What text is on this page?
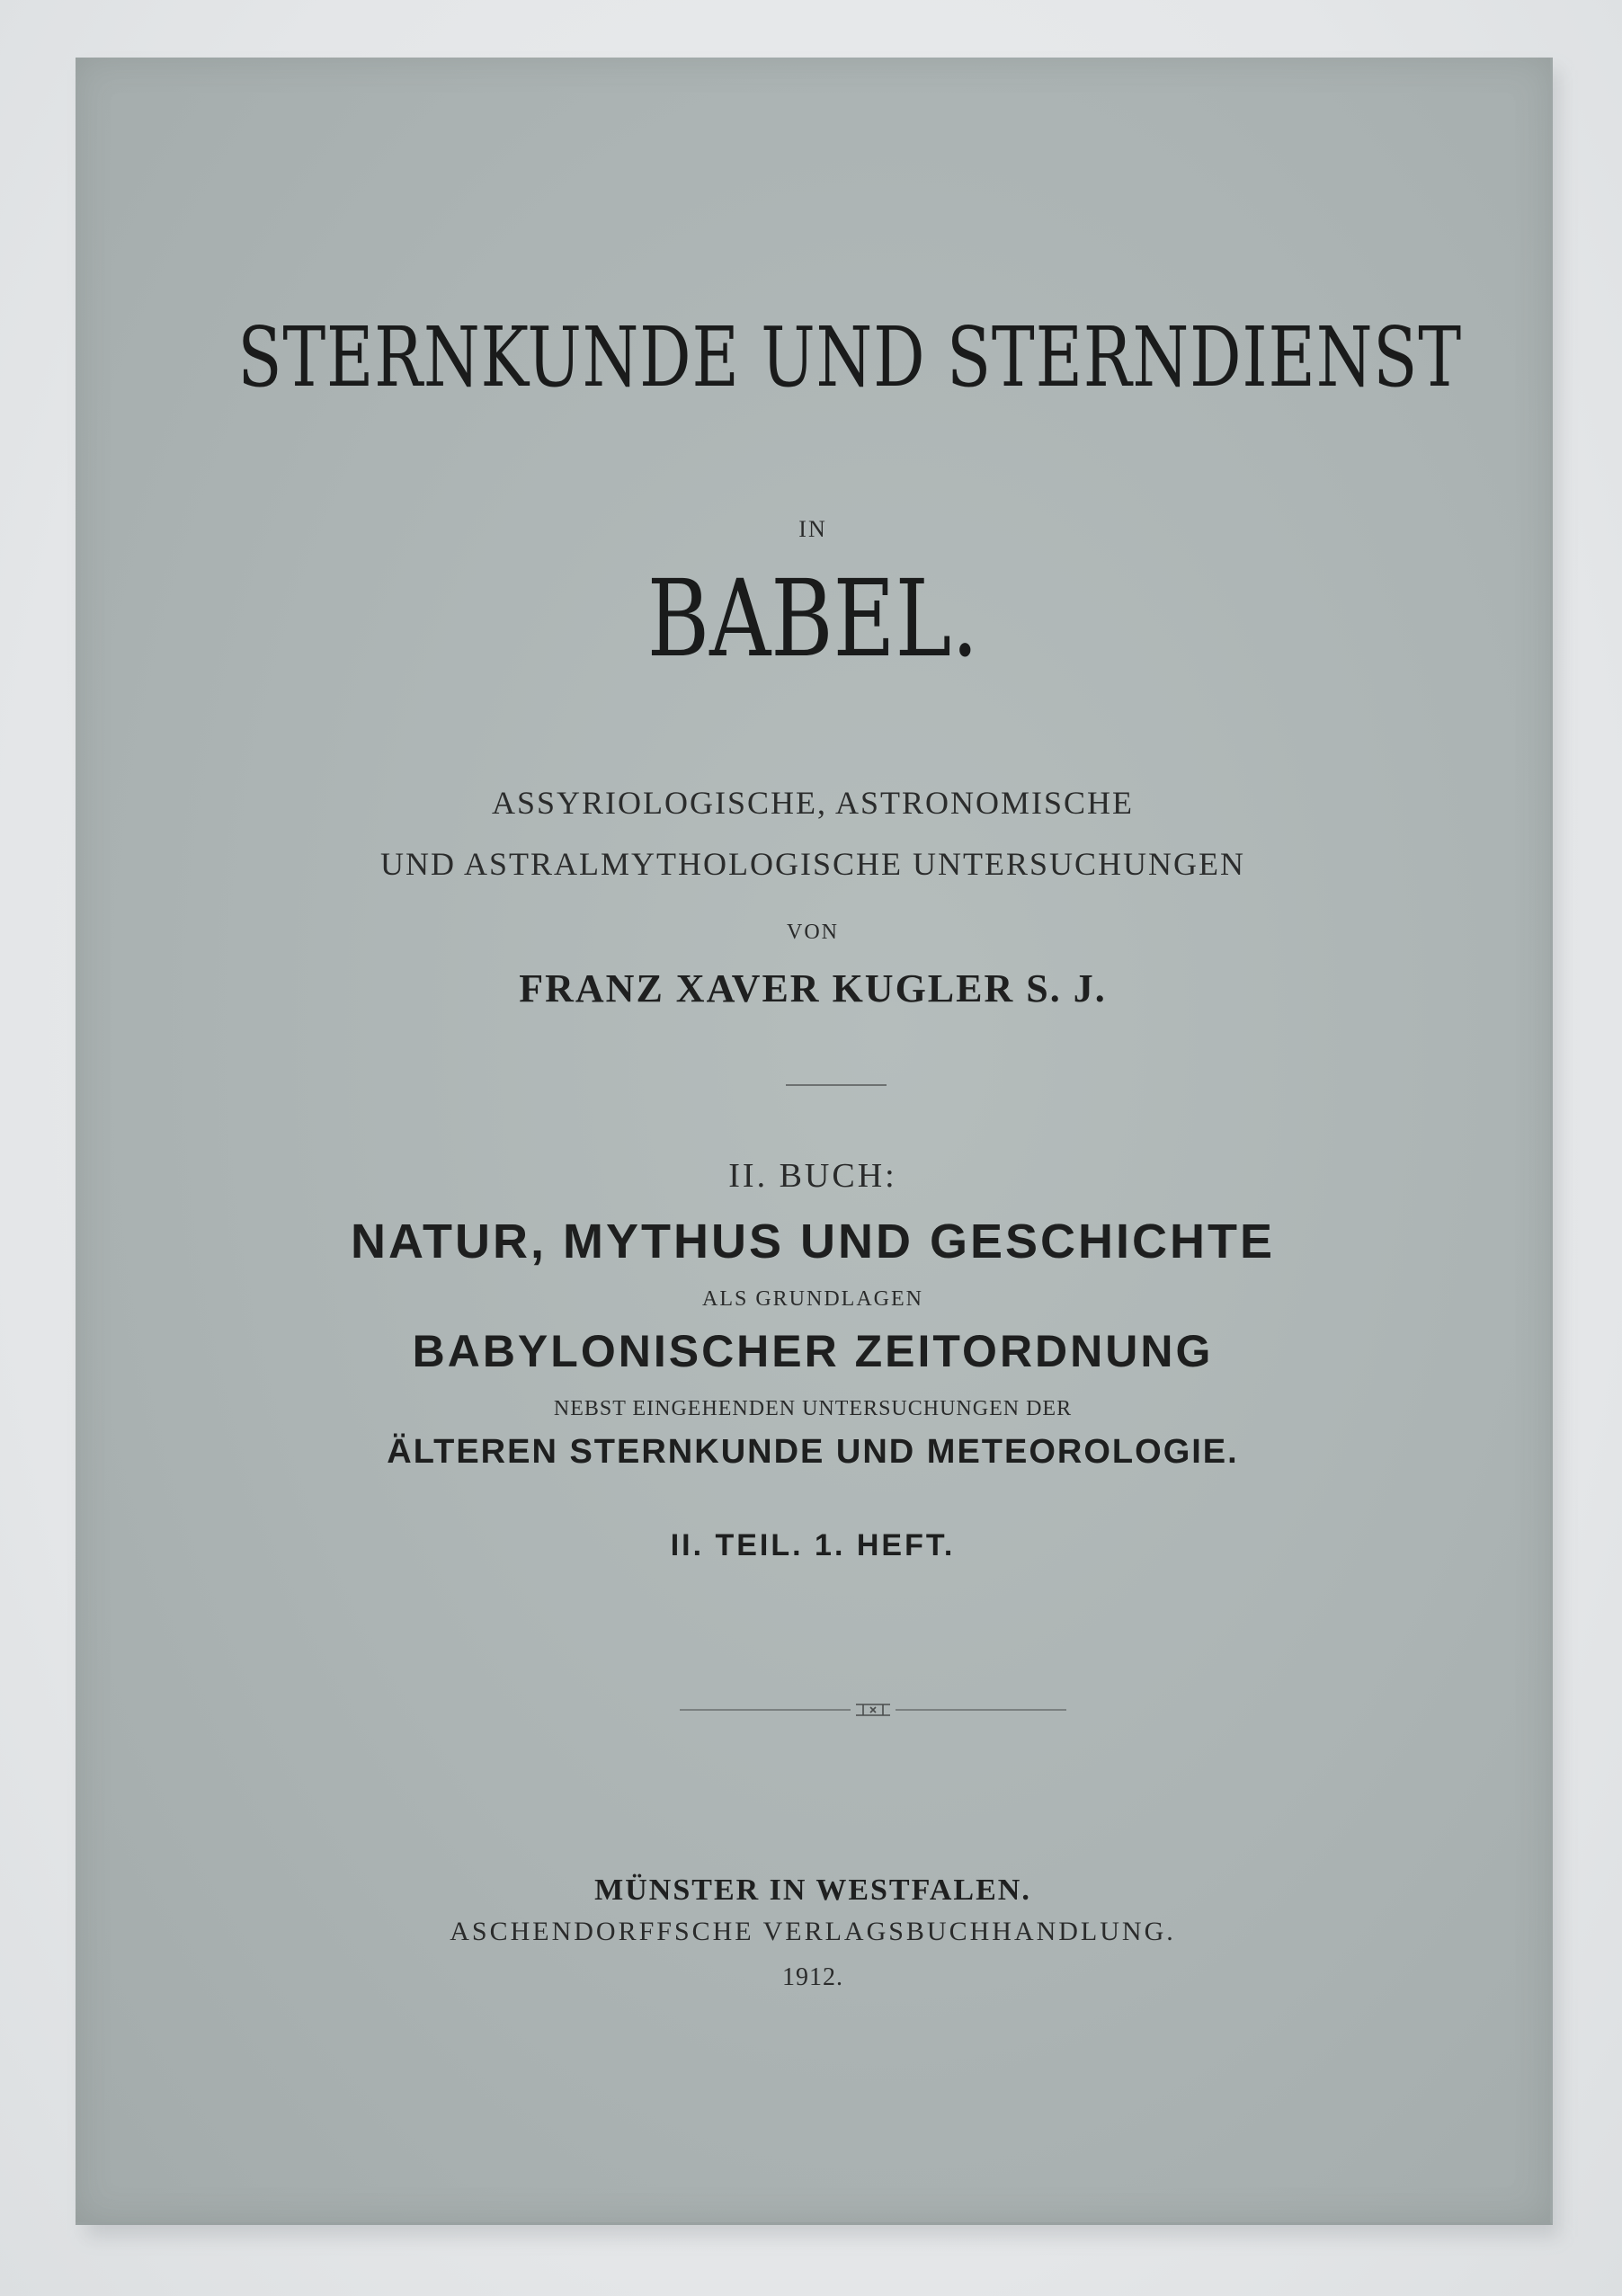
STERNKUNDE UND STERNDIENST
IN
BABEL.
ASSYRIOLOGISCHE, ASTRONOMISCHE
UND ASTRALMYTHOLOGISCHE UNTERSUCHUNGEN
VON
FRANZ XAVER KUGLER S. J.
II. BUCH:
NATUR, MYTHUS UND GESCHICHTE
ALS GRUNDLAGEN
BABYLONISCHER ZEITORDNUNG
NEBST EINGEHENDEN UNTERSUCHUNGEN DER
ÄLTEREN STERNKUNDE UND METEOROLOGIE.
II. TEIL. 1. HEFT.
MÜNSTER IN WESTFALEN.
ASCHENDORFFSCHE VERLAGSBUCHHANDLUNG.
1912.
